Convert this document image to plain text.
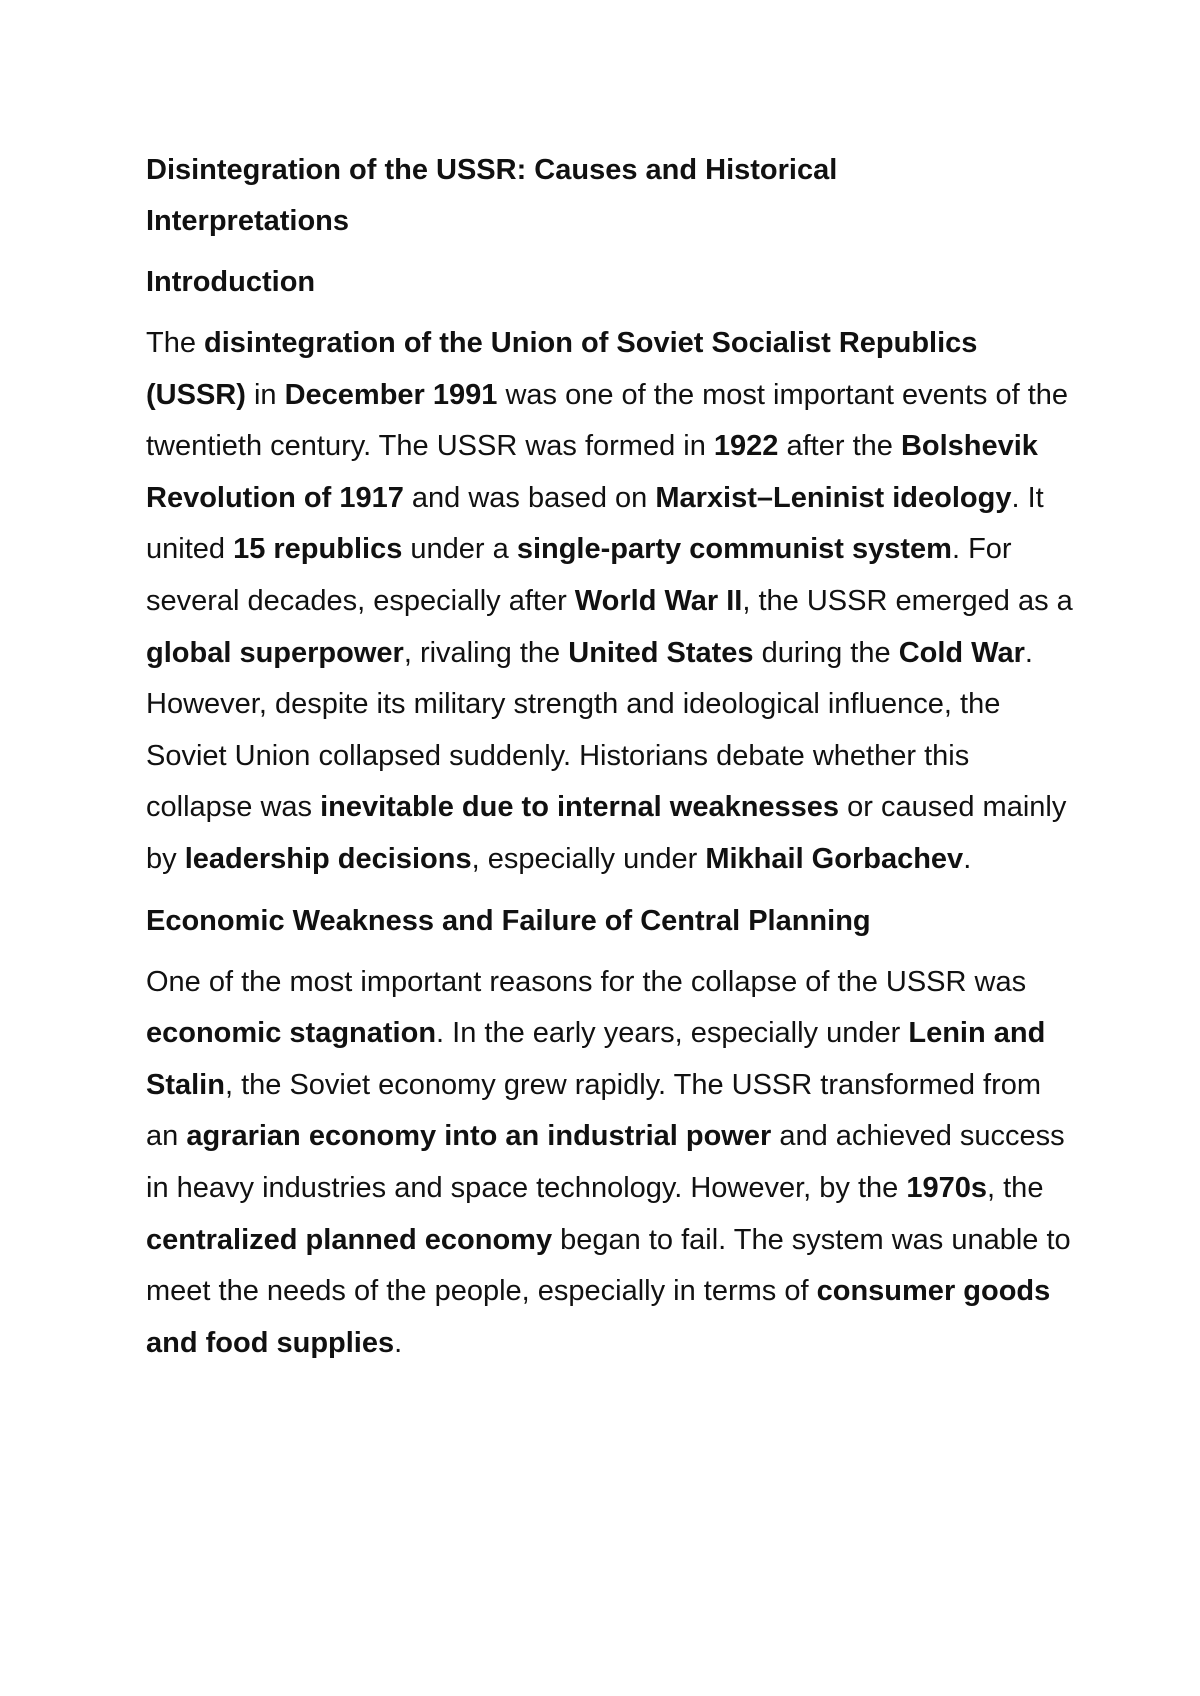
Disintegration of the USSR: Causes and Historical Interpretations
Introduction

The disintegration of the Union of Soviet Socialist Republics (USSR) in December 1991 was one of the most important events of the twentieth century. The USSR was formed in 1922 after the Bolshevik Revolution of 1917 and was based on Marxist–Leninist ideology. It united 15 republics under a single-party communist system. For several decades, especially after World War II, the USSR emerged as a global superpower, rivaling the United States during the Cold War. However, despite its military strength and ideological influence, the Soviet Union collapsed suddenly. Historians debate whether this collapse was inevitable due to internal weaknesses or caused mainly by leadership decisions, especially under Mikhail Gorbachev.

Economic Weakness and Failure of Central Planning

One of the most important reasons for the collapse of the USSR was economic stagnation. In the early years, especially under Lenin and Stalin, the Soviet economy grew rapidly. The USSR transformed from an agrarian economy into an industrial power and achieved success in heavy industries and space technology. However, by the 1970s, the centralized planned economy began to fail. The system was unable to meet the needs of the people, especially in terms of consumer goods and food supplies.
